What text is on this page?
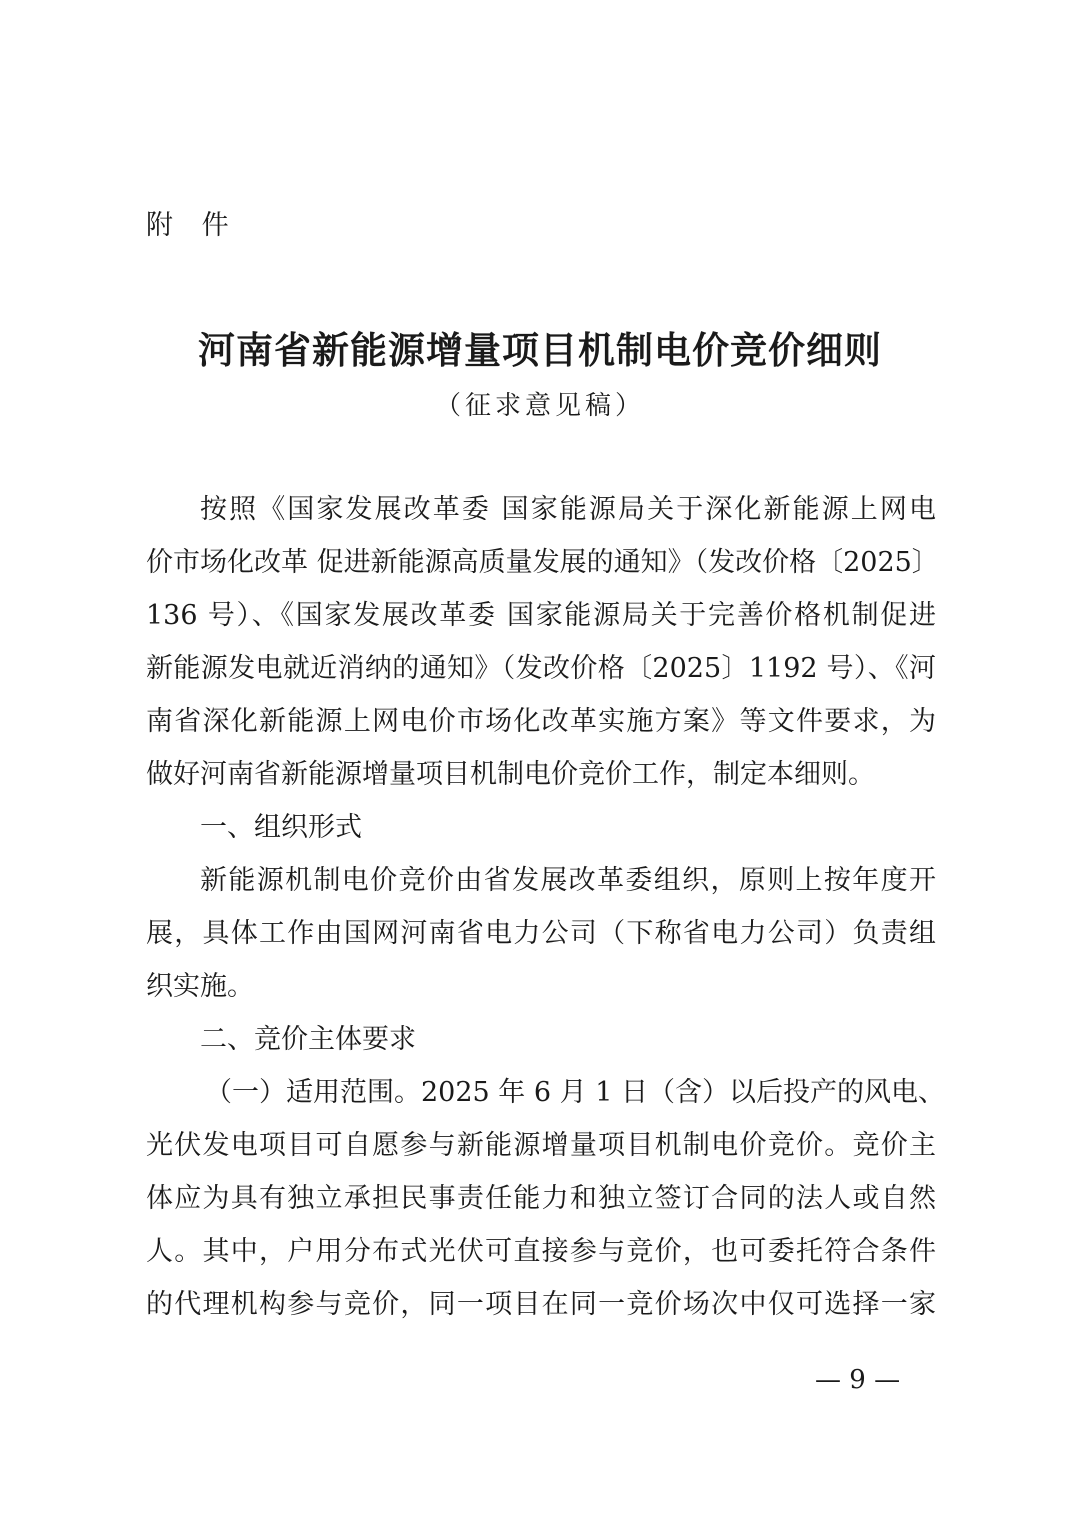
附 件
河南省新能源增量项目机制电价竞价细则
（征求意见稿）
按照《国家发展改革委 国家能源局关于深化新能源上网电
价市场化改革 促进新能源高质量发展的通知》（发改价格〔2025〕
136 号）、《国家发展改革委 国家能源局关于完善价格机制促进
新能源发电就近消纳的通知》（发改价格〔2025〕1192 号）、《河
南省深化新能源上网电价市场化改革实施方案》等文件要求，为
做好河南省新能源增量项目机制电价竞价工作，制定本细则。
一、组织形式
新能源机制电价竞价由省发展改革委组织，原则上按年度开
展，具体工作由国网河南省电力公司（下称省电力公司）负责组
织实施。
二、竞价主体要求
（一）适用范围。2025 年 6 月 1 日（含）以后投产的风电、
光伏发电项目可自愿参与新能源增量项目机制电价竞价。竞价主
体应为具有独立承担民事责任能力和独立签订合同的法人或自然
人。其中，户用分布式光伏可直接参与竞价，也可委托符合条件
的代理机构参与竞价，同一项目在同一竞价场次中仅可选择一家
— 9 —
